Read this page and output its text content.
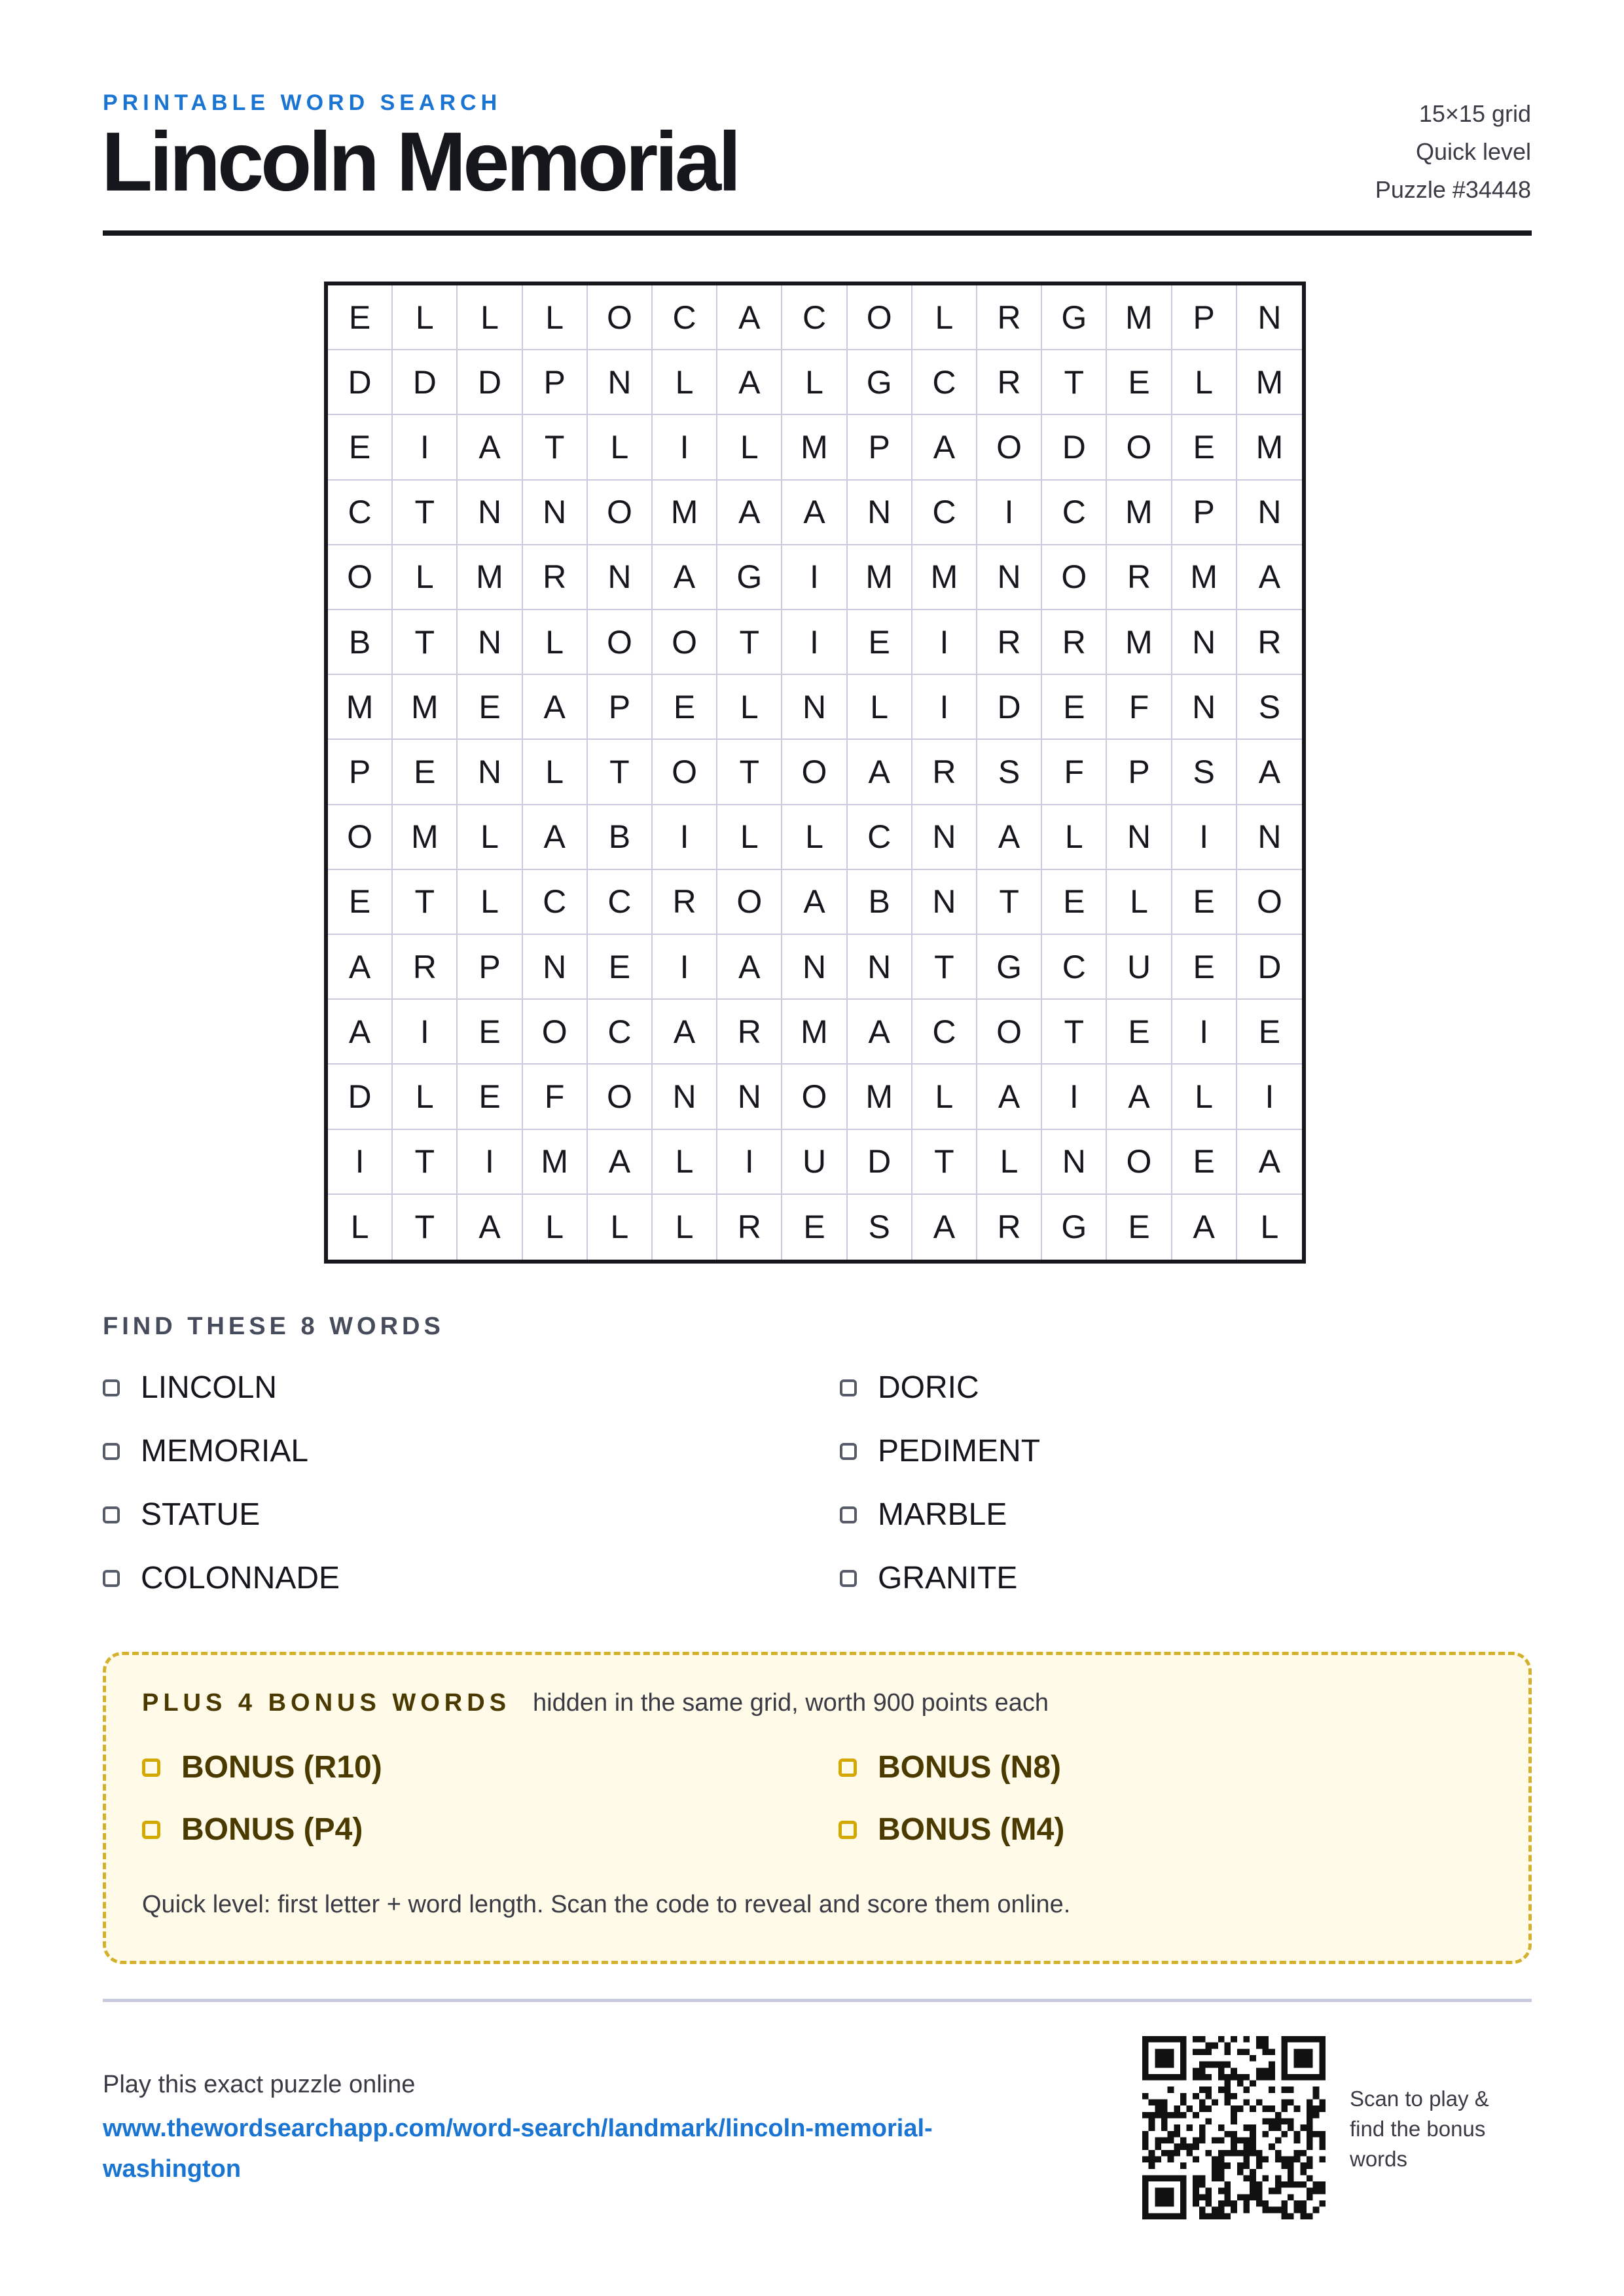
PRINTABLE WORD SEARCH
Lincoln Memorial
15×15 grid
Quick level
Puzzle #34448
E	L	L	L	O	C	A	C	O	L	R	G	M	P	N
D	D	D	P	N	L	A	L	G	C	R	T	E	L	M
E	I	A	T	L	I	L	M	P	A	O	D	O	E	M
C	T	N	N	O	M	A	A	N	C	I	C	M	P	N
O	L	M	R	N	A	G	I	M	M	N	O	R	M	A
B	T	N	L	O	O	T	I	E	I	R	R	M	N	R
M	M	E	A	P	E	L	N	L	I	D	E	F	N	S
P	E	N	L	T	O	T	O	A	R	S	F	P	S	A
O	M	L	A	B	I	L	L	C	N	A	L	N	I	N
E	T	L	C	C	R	O	A	B	N	T	E	L	E	O
A	R	P	N	E	I	A	N	N	T	G	C	U	E	D
A	I	E	O	C	A	R	M	A	C	O	T	E	I	E
D	L	E	F	O	N	N	O	M	L	A	I	A	L	I
I	T	I	M	A	L	I	U	D	T	L	N	O	E	A
L	T	A	L	L	L	R	E	S	A	R	G	E	A	L
FIND THESE 8 WORDS
LINCOLN
MEMORIAL
STATUE
COLONNADE
DORIC
PEDIMENT
MARBLE
GRANITE
PLUS 4 BONUS WORDS hidden in the same grid, worth 900 points each
BONUS (R10)
BONUS (P4)
BONUS (N8)
BONUS (M4)
Quick level: first letter + word length. Scan the code to reveal and score them online.
Play this exact puzzle online
www.thewordsearchapp.com/word-search/landmark/lincoln-memorial-washington
Scan to play & find the bonus words
